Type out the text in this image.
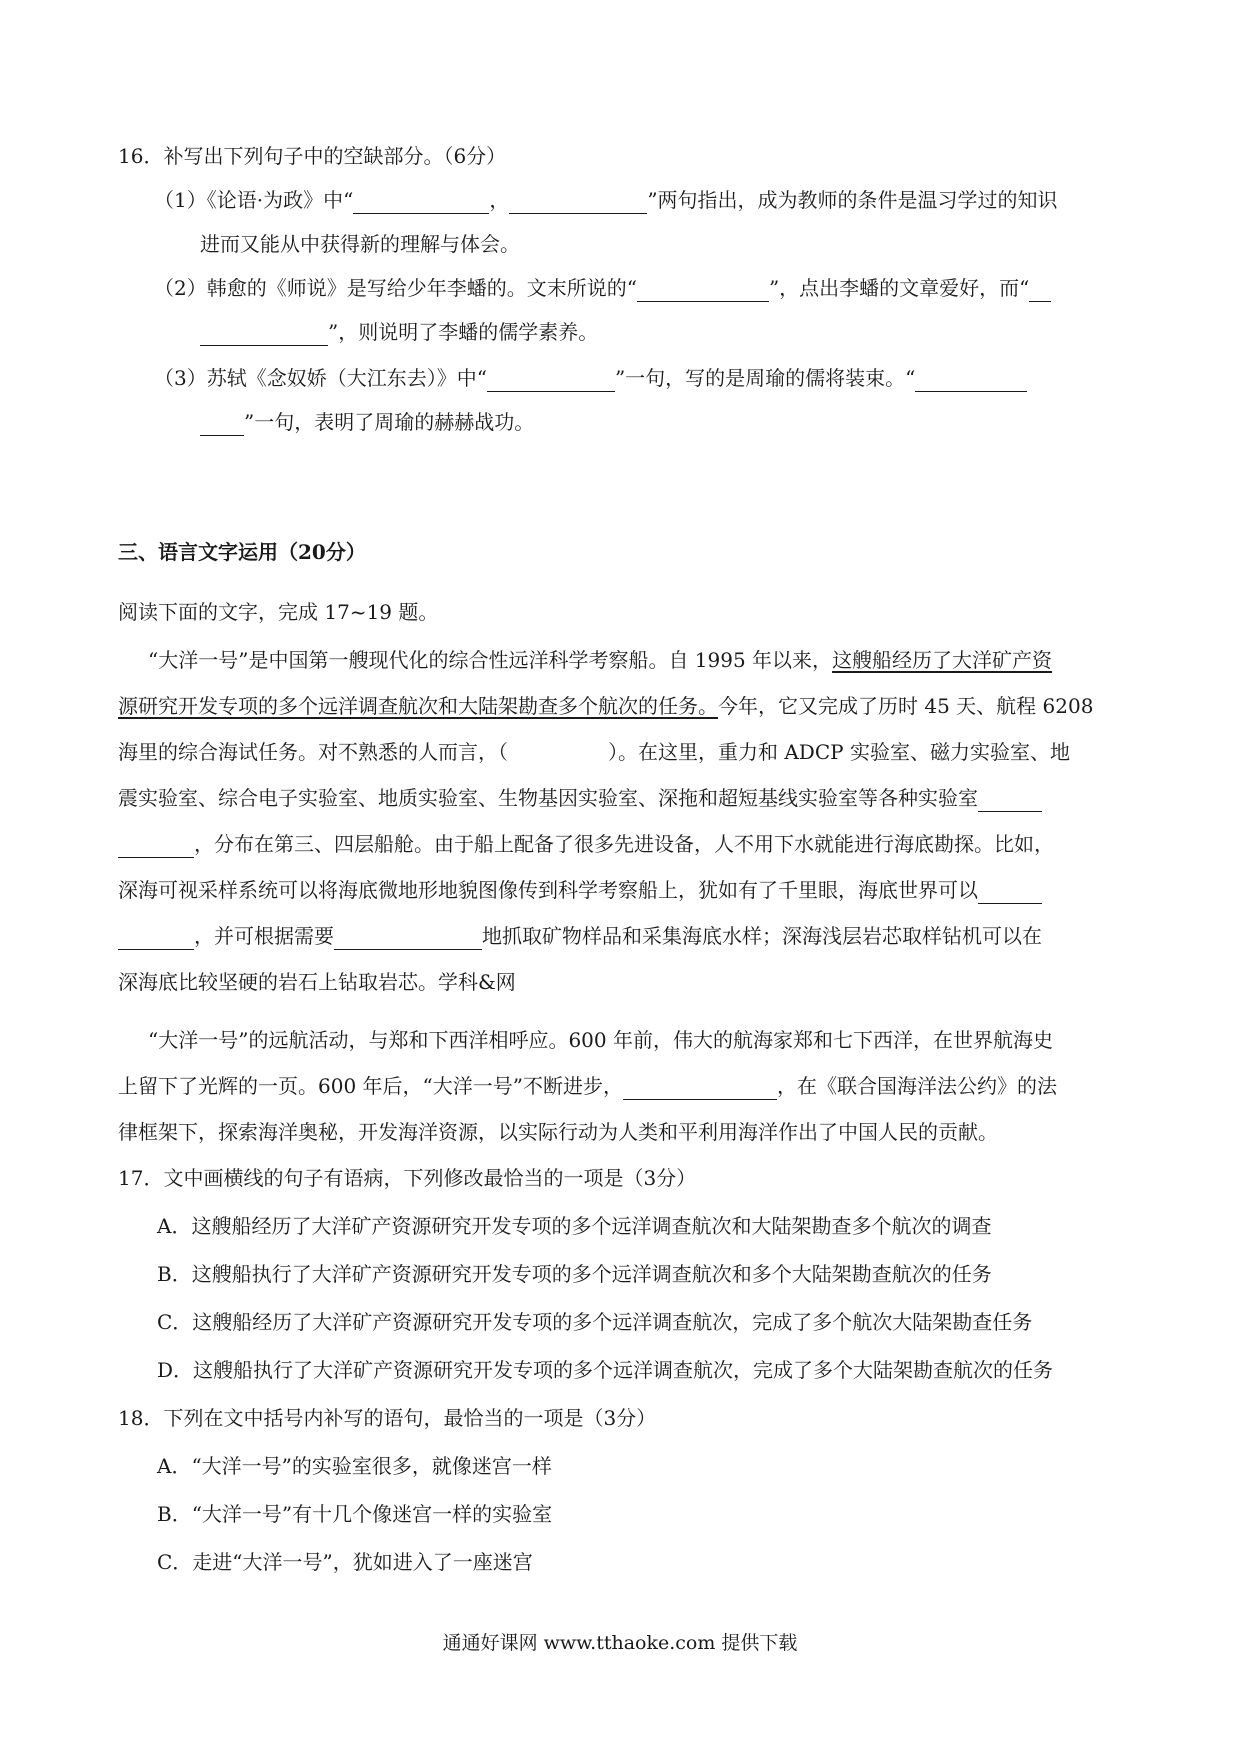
16．补写出下列句子中的空缺部分。（6分）
（1）《论语·为政》中“	，	”两句指出，成为教师的条件是温习学过的知识
进而又能从中获得新的理解与体会。
（2）韩愈的《师说》是写给少年李蟠的。文末所说的“	”，点出李蟠的文章爱好，而“
”，则说明了李蟠的儒学素养。
（3）苏轼《念奴娇（大江东去）》中“	”一句，写的是周瑜的儒将装束。“
”一句，表明了周瑜的赫赫战功。
三、语言文字运用（20分）
阅读下面的文字，完成 17~19 题。
“大洋一号”是中国第一艘现代化的综合性远洋科学考察船。自 1995 年以来，这艘船经历了大洋矿产资
源研究开发专项的多个远洋调查航次和大陆架勘查多个航次的任务。今年，它又完成了历时 45 天、航程 6208
海里的综合海试任务。对不熟悉的人而言，（	）。在这里，重力和 ADCP 实验室、磁力实验室、地
震实验室、综合电子实验室、地质实验室、生物基因实验室、深拖和超短基线实验室等各种实验室
，分布在第三、四层船舱。由于船上配备了很多先进设备，人不用下水就能进行海底勘探。比如，
深海可视采样系统可以将海底微地形地貌图像传到科学考察船上，犹如有了千里眼，海底世界可以
，并可根据需要	地抓取矿物样品和采集海底水样；深海浅层岩芯取样钻机可以在
深海底比较坚硬的岩石上钻取岩芯。学科&网
“大洋一号”的远航活动，与郑和下西洋相呼应。600 年前，伟大的航海家郑和七下西洋，在世界航海史
上留下了光辉的一页。600 年后，“大洋一号”不断进步，	，在《联合国海洋法公约》的法
律框架下，探索海洋奥秘，开发海洋资源，以实际行动为人类和平利用海洋作出了中国人民的贡献。
17．文中画横线的句子有语病，下列修改最恰当的一项是（3分）
A．这艘船经历了大洋矿产资源研究开发专项的多个远洋调查航次和大陆架勘查多个航次的调查
B．这艘船执行了大洋矿产资源研究开发专项的多个远洋调查航次和多个大陆架勘查航次的任务
C．这艘船经历了大洋矿产资源研究开发专项的多个远洋调查航次，完成了多个航次大陆架勘查任务
D．这艘船执行了大洋矿产资源研究开发专项的多个远洋调查航次，完成了多个大陆架勘查航次的任务
18．下列在文中括号内补写的语句，最恰当的一项是（3分）
A．“大洋一号”的实验室很多，就像迷宫一样
B．“大洋一号”有十几个像迷宫一样的实验室
C．走进“大洋一号”，犹如进入了一座迷宫
通通好课网 www.tthaoke.com 提供下载
